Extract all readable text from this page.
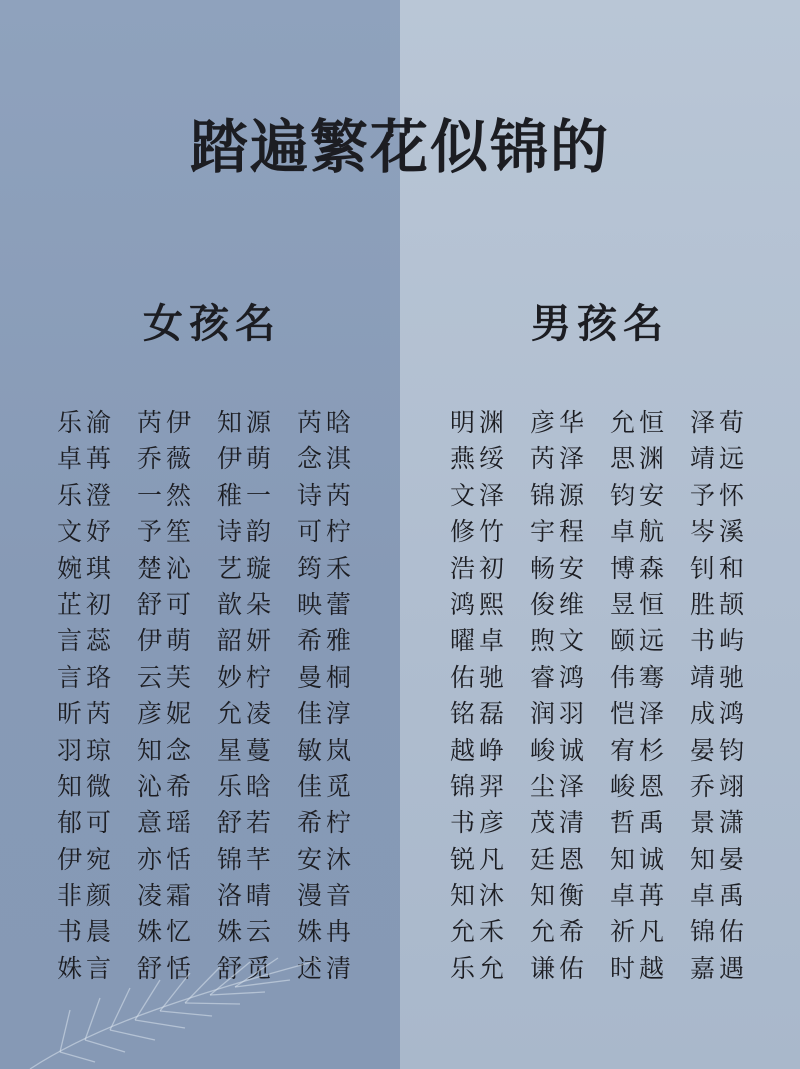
踏遍繁花似锦的
女孩名	男孩名
乐渝 芮伊 知源 芮晗
卓苒 乔薇 伊萌 念淇
乐澄 一然 稚一 诗芮
文妤 予笙 诗韵 可柠
婉琪 楚沁 艺璇 筠禾
芷初 舒可 歆朵 映蕾
言蕊 伊萌 韶妍 希雅
言珞 云芙 妙柠 曼桐
昕芮 彦妮 允凌 佳淳
羽琼 知念 星蔓 敏岚
知微 沁希 乐晗 佳觅
郁可 意瑶 舒若 希柠
伊宛 亦恬 锦芊 安沐
非颜 凌霜 洛晴 漫音
书晨 姝忆 姝云 姝冉
姝言 舒恬 舒觅 述清
明渊 彦华 允恒 泽荀
燕绥 芮泽 思渊 靖远
文泽 锦源 钧安 予怀
修竹 宇程 卓航 岑溪
浩初 畅安 博森 钊和
鸿熙 俊维 昱恒 胜颉
曜卓 煦文 颐远 书屿
佑驰 睿鸿 伟骞 靖驰
铭磊 润羽 恺泽 成鸿
越峥 峻诚 宥杉 晏钧
锦羿 尘泽 峻恩 乔翊
书彦 茂清 哲禹 景潇
锐凡 廷恩 知诚 知晏
知沐 知衡 卓苒 卓禹
允禾 允希 祈凡 锦佑
乐允 谦佑 时越 嘉遇
